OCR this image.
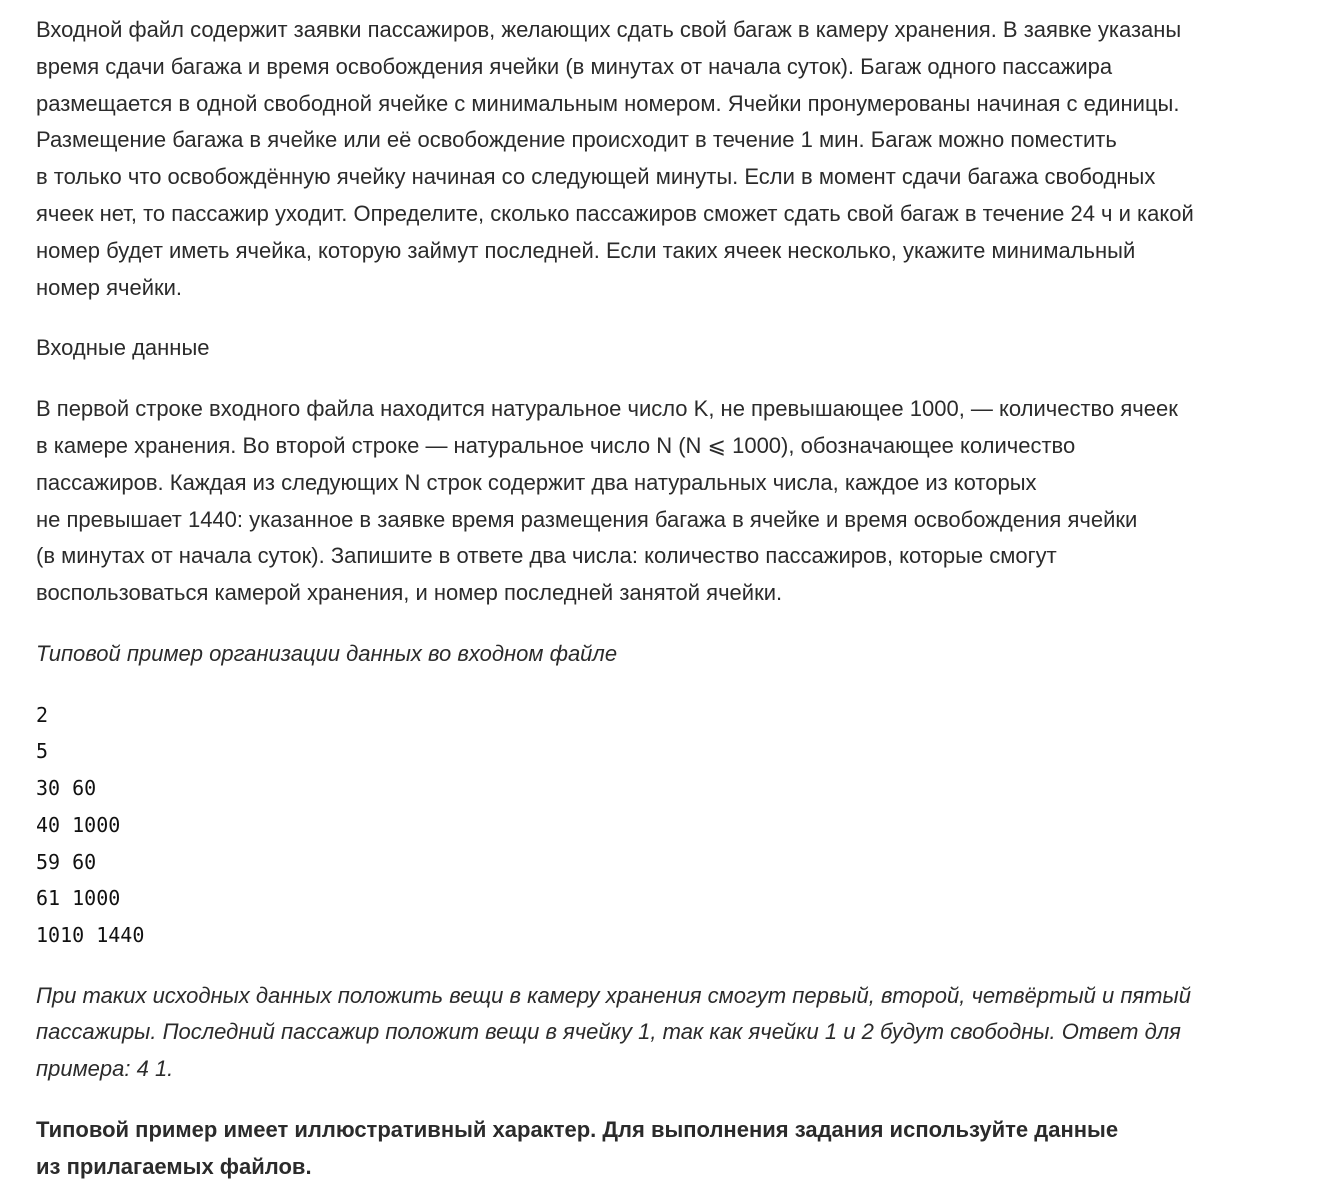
Входной файл содержит заявки пассажиров, желающих сдать свой багаж в камеру хранения. В заявке указаны
время сдачи багажа и время освобождения ячейки (в минутах от начала суток). Багаж одного пассажира
размещается в одной свободной ячейке с минимальным номером. Ячейки пронумерованы начиная с единицы.
Размещение багажа в ячейке или её освобождение происходит в течение 1 мин. Багаж можно поместить
в только что освобождённую ячейку начиная со следующей минуты. Если в момент сдачи багажа свободных
ячеек нет, то пассажир уходит. Определите, сколько пассажиров сможет сдать свой багаж в течение 24 ч и какой
номер будет иметь ячейка, которую займут последней. Если таких ячеек несколько, укажите минимальный
номер ячейки.

Входные данные

В первой строке входного файла находится натуральное число K, не превышающее 1000, — количество ячеек
в камере хранения. Во второй строке — натуральное число N (N ⩽ 1000), обозначающее количество
пассажиров. Каждая из следующих N строк содержит два натуральных числа, каждое из которых
не превышает 1440: указанное в заявке время размещения багажа в ячейке и время освобождения ячейки
(в минутах от начала суток). Запишите в ответе два числа: количество пассажиров, которые смогут
воспользоваться камерой хранения, и номер последней занятой ячейки.

Типовой пример организации данных во входном файле

2
5
30 60
40 1000
59 60
61 1000
1010 1440

При таких исходных данных положить вещи в камеру хранения смогут первый, второй, четвёртый и пятый
пассажиры. Последний пассажир положит вещи в ячейку 1, так как ячейки 1 и 2 будут свободны. Ответ для
примера: 4 1.

Типовой пример имеет иллюстративный характер. Для выполнения задания используйте данные
из прилагаемых файлов.
